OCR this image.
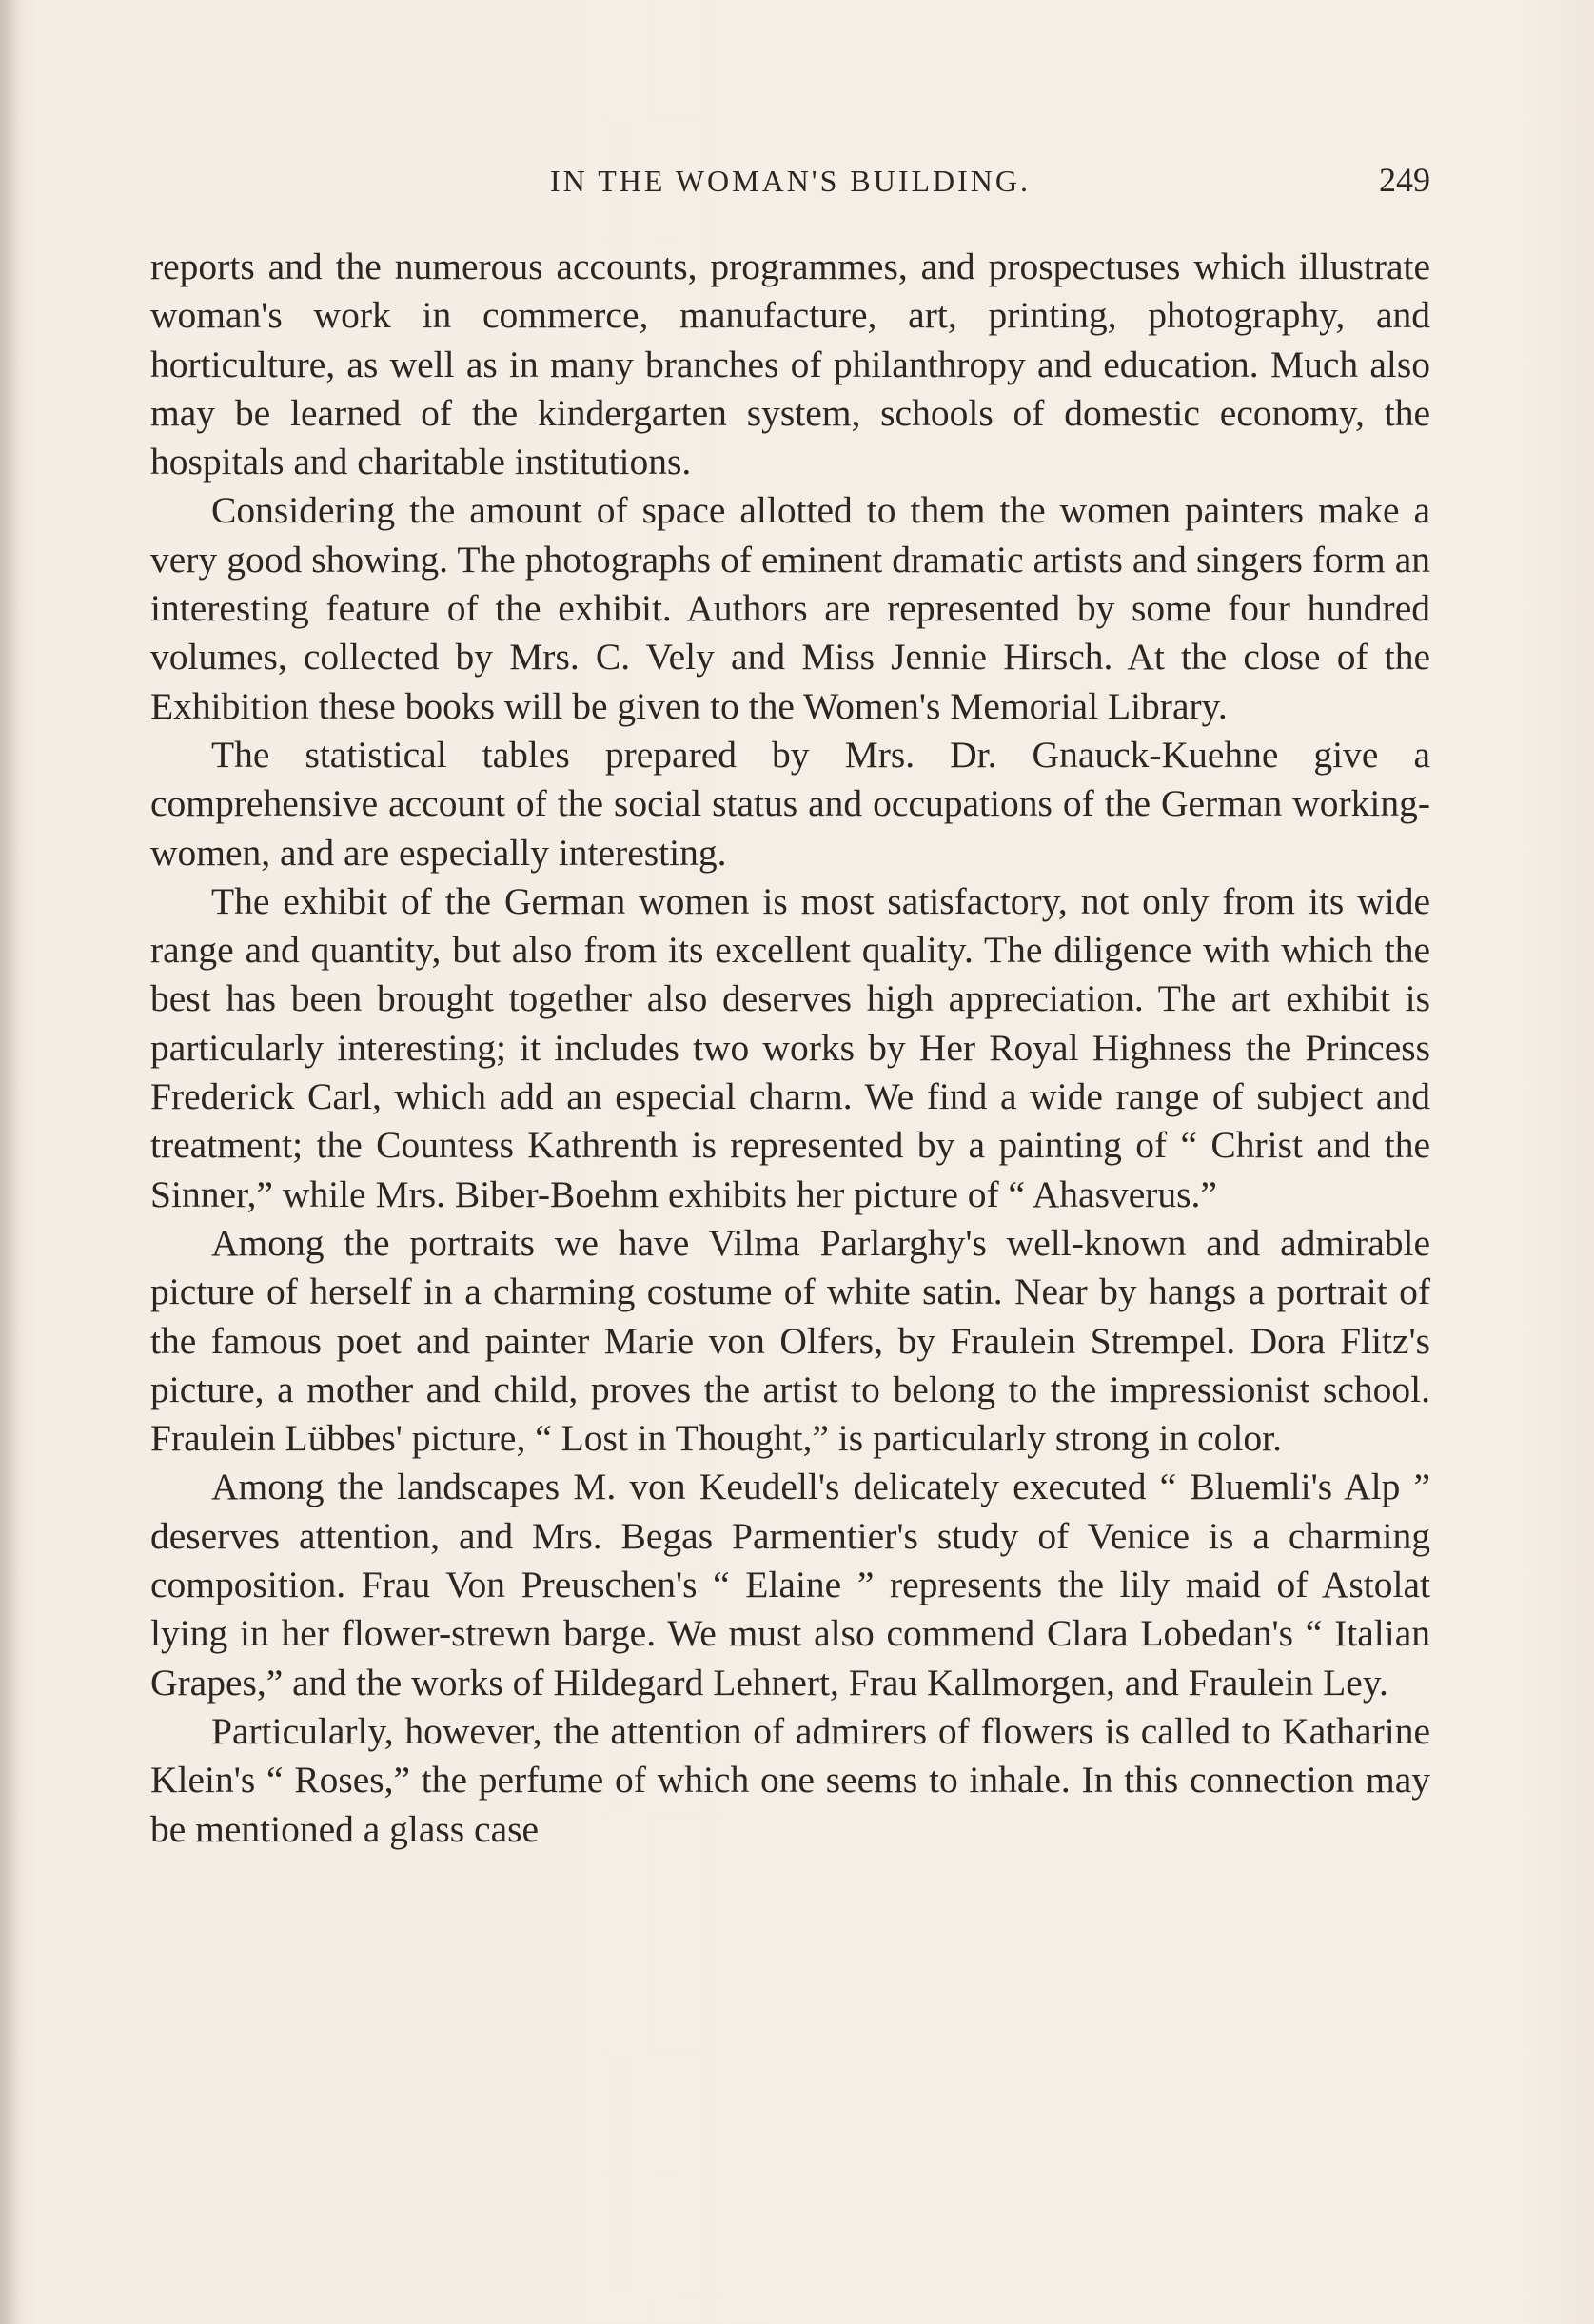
IN THE WOMAN'S BUILDING.	249

reports and the numerous accounts, programmes, and prospectuses which illustrate woman's work in commerce, manufacture, art, printing, photography, and horticulture, as well as in many branches of philanthropy and education. Much also may be learned of the kindergarten system, schools of domestic economy, the hospitals and charitable institutions.

Considering the amount of space allotted to them the women painters make a very good showing. The photographs of eminent dramatic artists and singers form an interesting feature of the exhibit. Authors are represented by some four hundred volumes, collected by Mrs. C. Vely and Miss Jennie Hirsch. At the close of the Exhibition these books will be given to the Women's Memorial Library.

The statistical tables prepared by Mrs. Dr. Gnauck-Kuehne give a comprehensive account of the social status and occupations of the German working-women, and are especially interesting.

The exhibit of the German women is most satisfactory, not only from its wide range and quantity, but also from its excellent quality. The diligence with which the best has been brought together also deserves high appreciation. The art exhibit is particularly interesting; it includes two works by Her Royal Highness the Princess Frederick Carl, which add an especial charm. We find a wide range of subject and treatment; the Countess Kathrenth is represented by a painting of “ Christ and the Sinner,” while Mrs. Biber-Boehm exhibits her picture of “ Ahasverus.”

Among the portraits we have Vilma Parlarghy's well-known and admirable picture of herself in a charming costume of white satin. Near by hangs a portrait of the famous poet and painter Marie von Olfers, by Fraulein Strempel. Dora Flitz's picture, a mother and child, proves the artist to belong to the impressionist school. Fraulein Lübbes' picture, “ Lost in Thought,” is particularly strong in color.

Among the landscapes M. von Keudell's delicately executed “ Bluemli's Alp ” deserves attention, and Mrs. Begas Parmentier's study of Venice is a charming composition. Frau Von Preuschen's “ Elaine ” represents the lily maid of Astolat lying in her flower-strewn barge. We must also commend Clara Lobedan's “ Italian Grapes,” and the works of Hildegard Lehnert, Frau Kallmorgen, and Fraulein Ley.

Particularly, however, the attention of admirers of flowers is called to Katharine Klein's “ Roses,” the perfume of which one seems to inhale. In this connection may be mentioned a glass case
